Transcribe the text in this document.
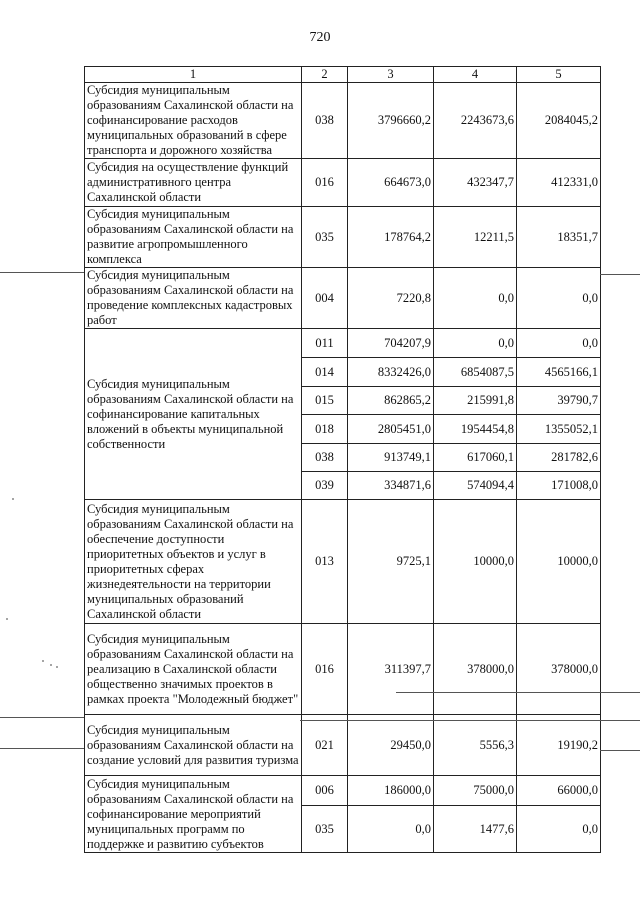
720
1	2	3	4	5
Субсидия муниципальным образованиям Сахалинской области на софинансирование расходов муниципальных образований в сфере транспорта и дорожного хозяйства	038	3796660,2	2243673,6	2084045,2
Субсидия на осуществление функций административного центра Сахалинской области	016	664673,0	432347,7	412331,0
Субсидия муниципальным образованиям Сахалинской области на развитие агропромышленного комплекса	035	178764,2	12211,5	18351,7
Субсидия муниципальным образованиям Сахалинской области на проведение комплексных кадастровых работ	004	7220,8	0,0	0,0
Субсидия муниципальным образованиям Сахалинской области на софинансирование капитальных вложений в объекты муниципальной собственности	011	704207,9	0,0	0,0
	014	8332426,0	6854087,5	4565166,1
	015	862865,2	215991,8	39790,7
	018	2805451,0	1954454,8	1355052,1
	038	913749,1	617060,1	281782,6
	039	334871,6	574094,4	171008,0
Субсидия муниципальным образованиям Сахалинской области на обеспечение доступности приоритетных объектов и услуг в приоритетных сферах жизнедеятельности на территории муниципальных образований Сахалинской области	013	9725,1	10000,0	10000,0
Субсидия муниципальным образованиям Сахалинской области на реализацию в Сахалинской области общественно значимых проектов в рамках проекта "Молодежный бюджет"	016	311397,7	378000,0	378000,0
Субсидия муниципальным образованиям Сахалинской области на создание условий для развития туризма	021	29450,0	5556,3	19190,2
Субсидия муниципальным образованиям Сахалинской области на софинансирование мероприятий муниципальных программ по поддержке и развитию субъектов	006	186000,0	75000,0	66000,0
	035	0,0	1477,6	0,0
